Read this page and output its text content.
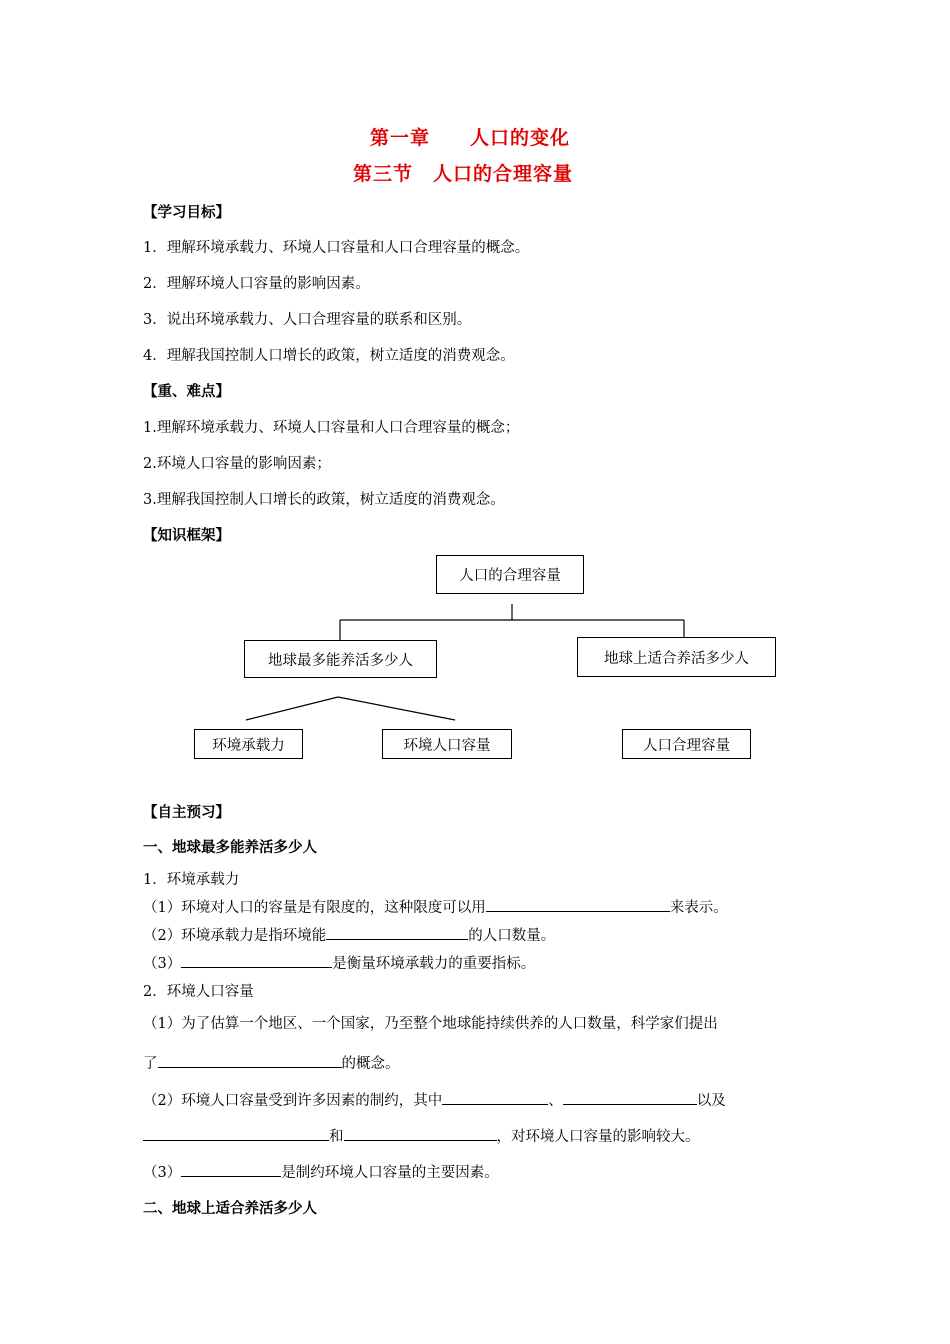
第一章　　人口的变化
第三节　人口的合理容量
【学习目标】
1．理解环境承载力、环境人口容量和人口合理容量的概念。
2．理解环境人口容量的影响因素。
3．说出环境承载力、人口合理容量的联系和区别。
4．理解我国控制人口增长的政策，树立适度的消费观念。
【重、难点】
1.理解环境承载力、环境人口容量和人口合理容量的概念；
2.环境人口容量的影响因素；
3.理解我国控制人口增长的政策，树立适度的消费观念。
【知识框架】
人口的合理容量
地球最多能养活多少人	地球上适合养活多少人
环境承载力	环境人口容量	人口合理容量
【自主预习】
一、地球最多能养活多少人
1．环境承载力
（1）环境对人口的容量是有限度的，这种限度可以用	来表示。
（2）环境承载力是指环境能	的人口数量。
（3）	是衡量环境承载力的重要指标。
2．环境人口容量
（1）为了估算一个地区、一个国家，乃至整个地球能持续供养的人口数量，科学家们提出
了	的概念。
（2）环境人口容量受到许多因素的制约，其中	、	以及
和	，对环境人口容量的影响较大。
（3）	是制约环境人口容量的主要因素。
二、地球上适合养活多少人
